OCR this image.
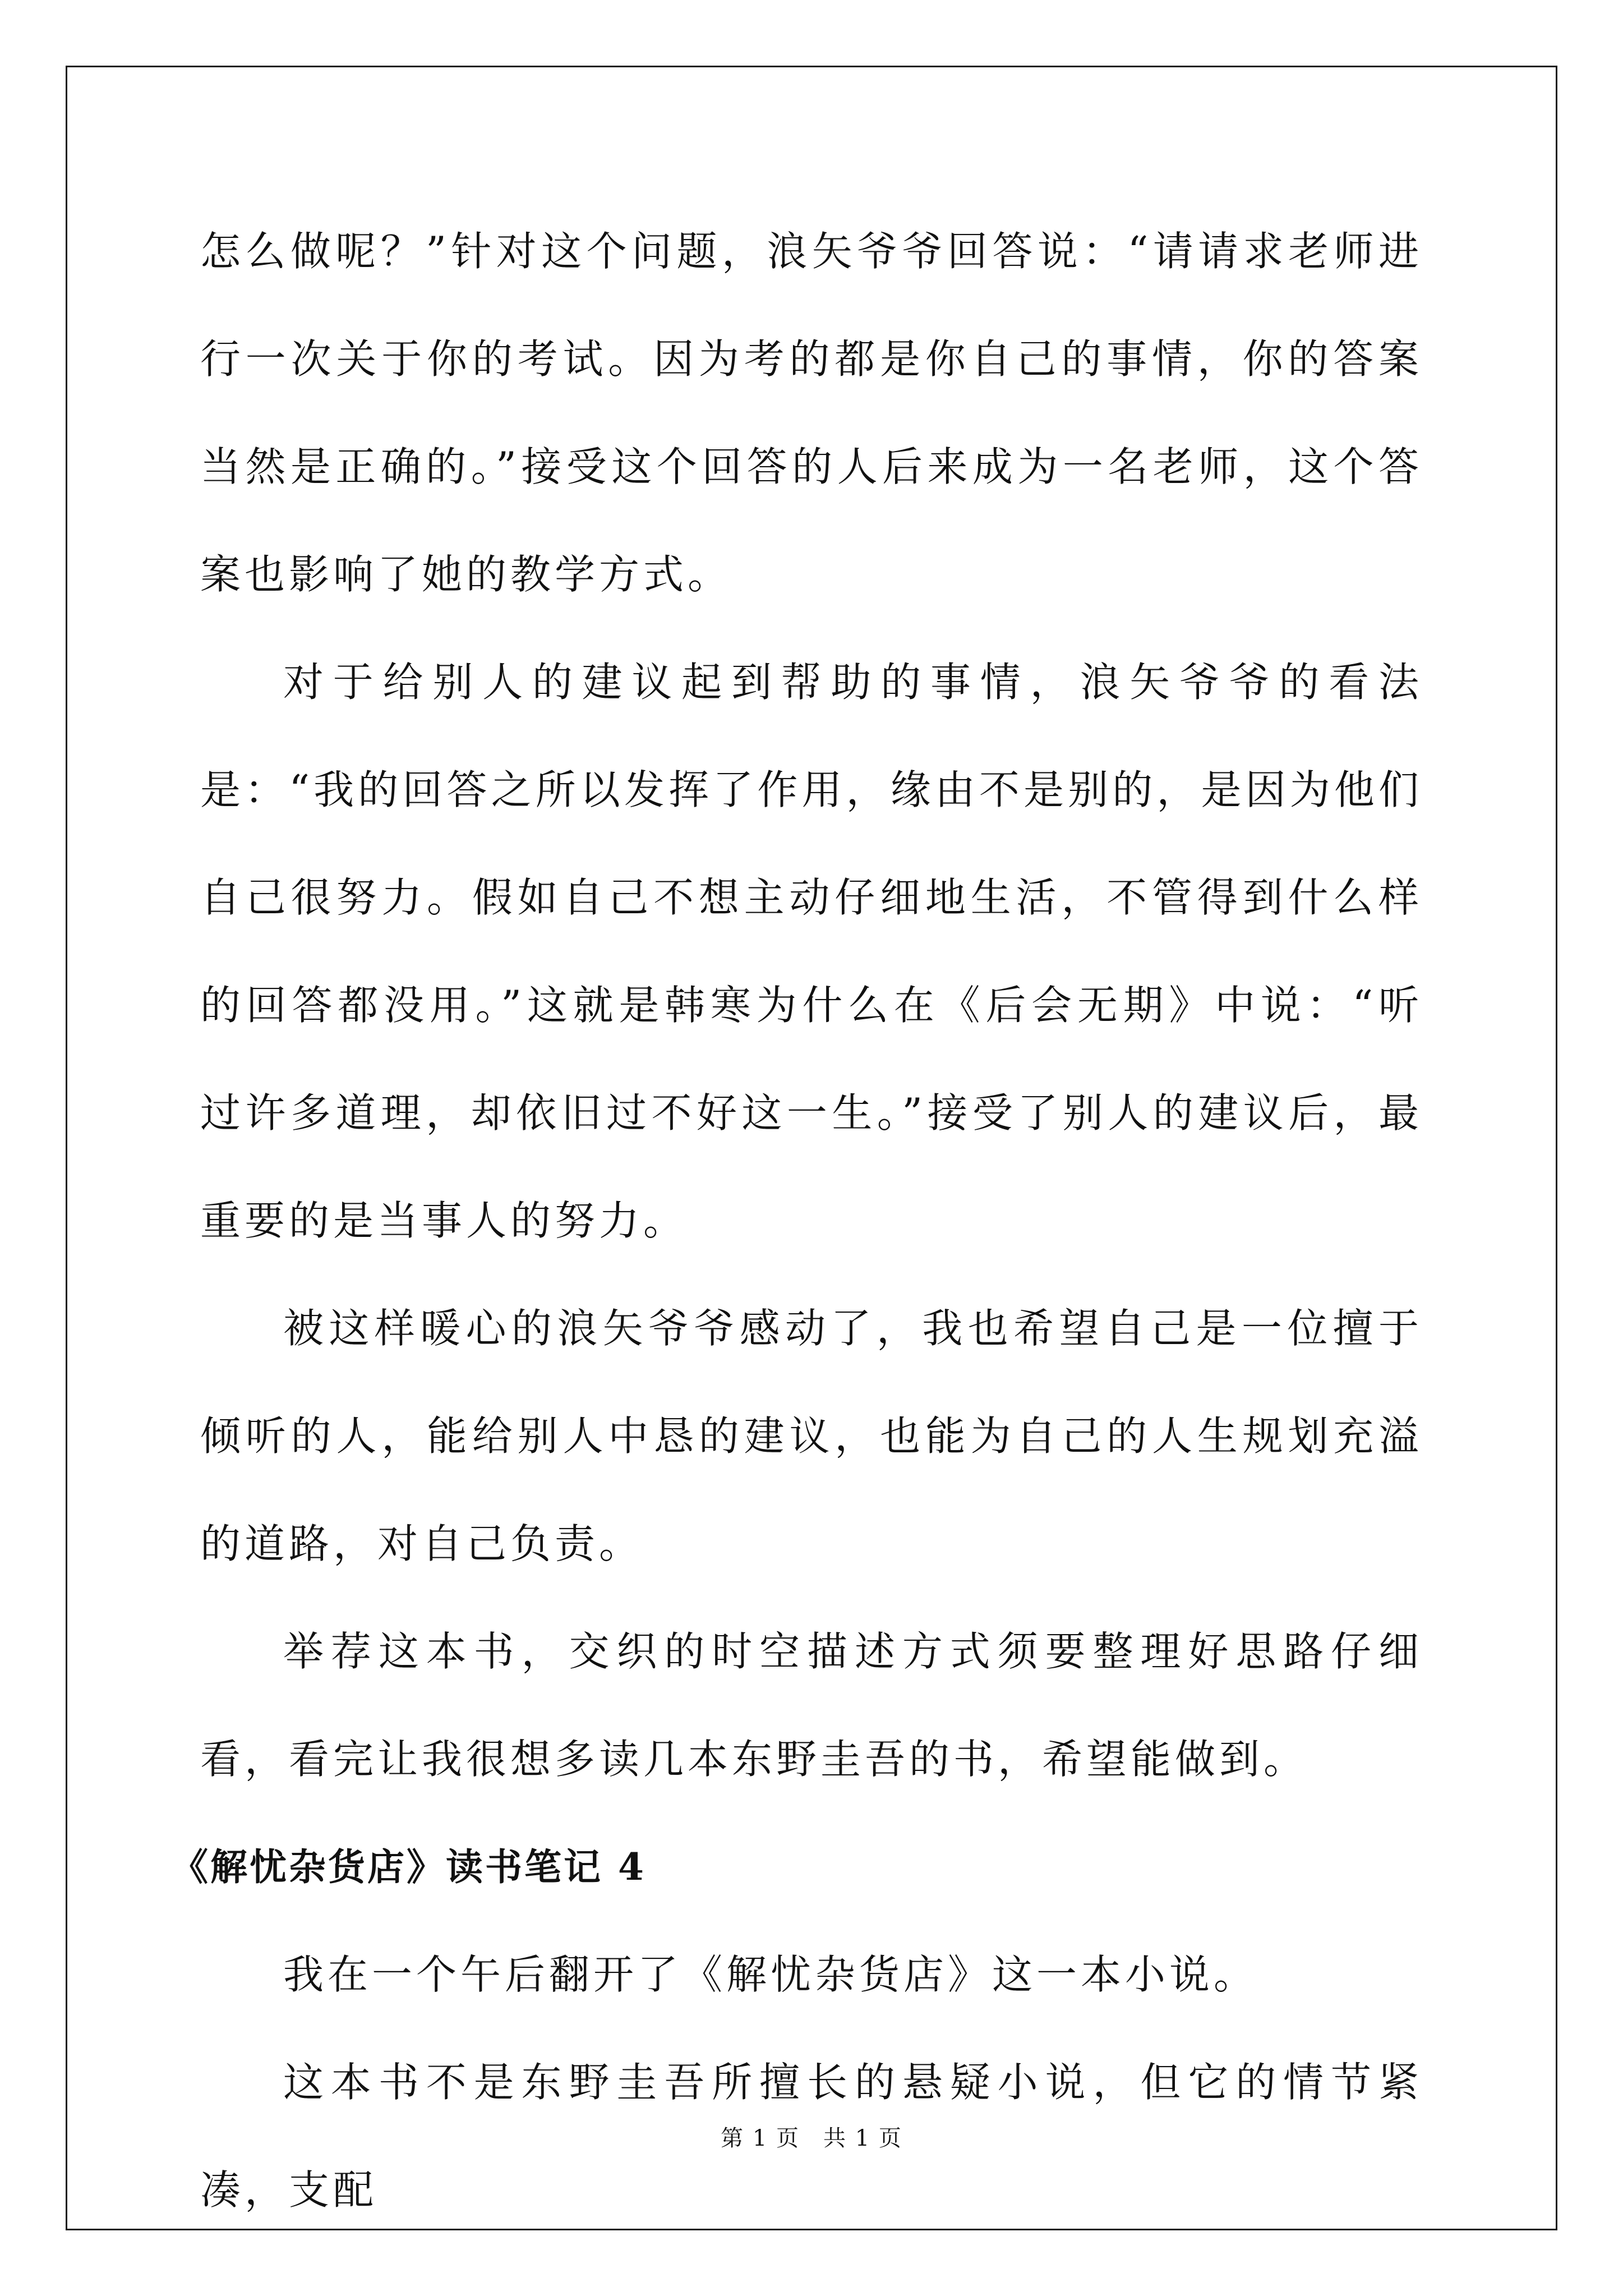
怎么做呢？”针对这个问题，浪矢爷爷回答说：“请请求老师进行一次关于你的考试。因为考的都是你自己的事情，你的答案当然是正确的。”接受这个回答的人后来成为一名老师，这个答案也影响了她的教学方式。

对于给别人的建议起到帮助的事情，浪矢爷爷的看法是：“我的回答之所以发挥了作用，缘由不是别的，是因为他们自己很努力。假如自己不想主动仔细地生活，不管得到什么样的回答都没用。”这就是韩寒为什么在《后会无期》中说：“听过许多道理，却依旧过不好这一生。”接受了别人的建议后，最重要的是当事人的努力。

被这样暖心的浪矢爷爷感动了，我也希望自己是一位擅于倾听的人，能给别人中恳的建议，也能为自己的人生规划充溢的道路，对自己负责。

举荐这本书，交织的时空描述方式须要整理好思路仔细看，看完让我很想多读几本东野圭吾的书，希望能做到。

《解忧杂货店》读书笔记 4

我在一个午后翻开了《解忧杂货店》这一本小说。

这本书不是东野圭吾所擅长的悬疑小说，但它的情节紧凑，支配

第 1 页　共 1 页
